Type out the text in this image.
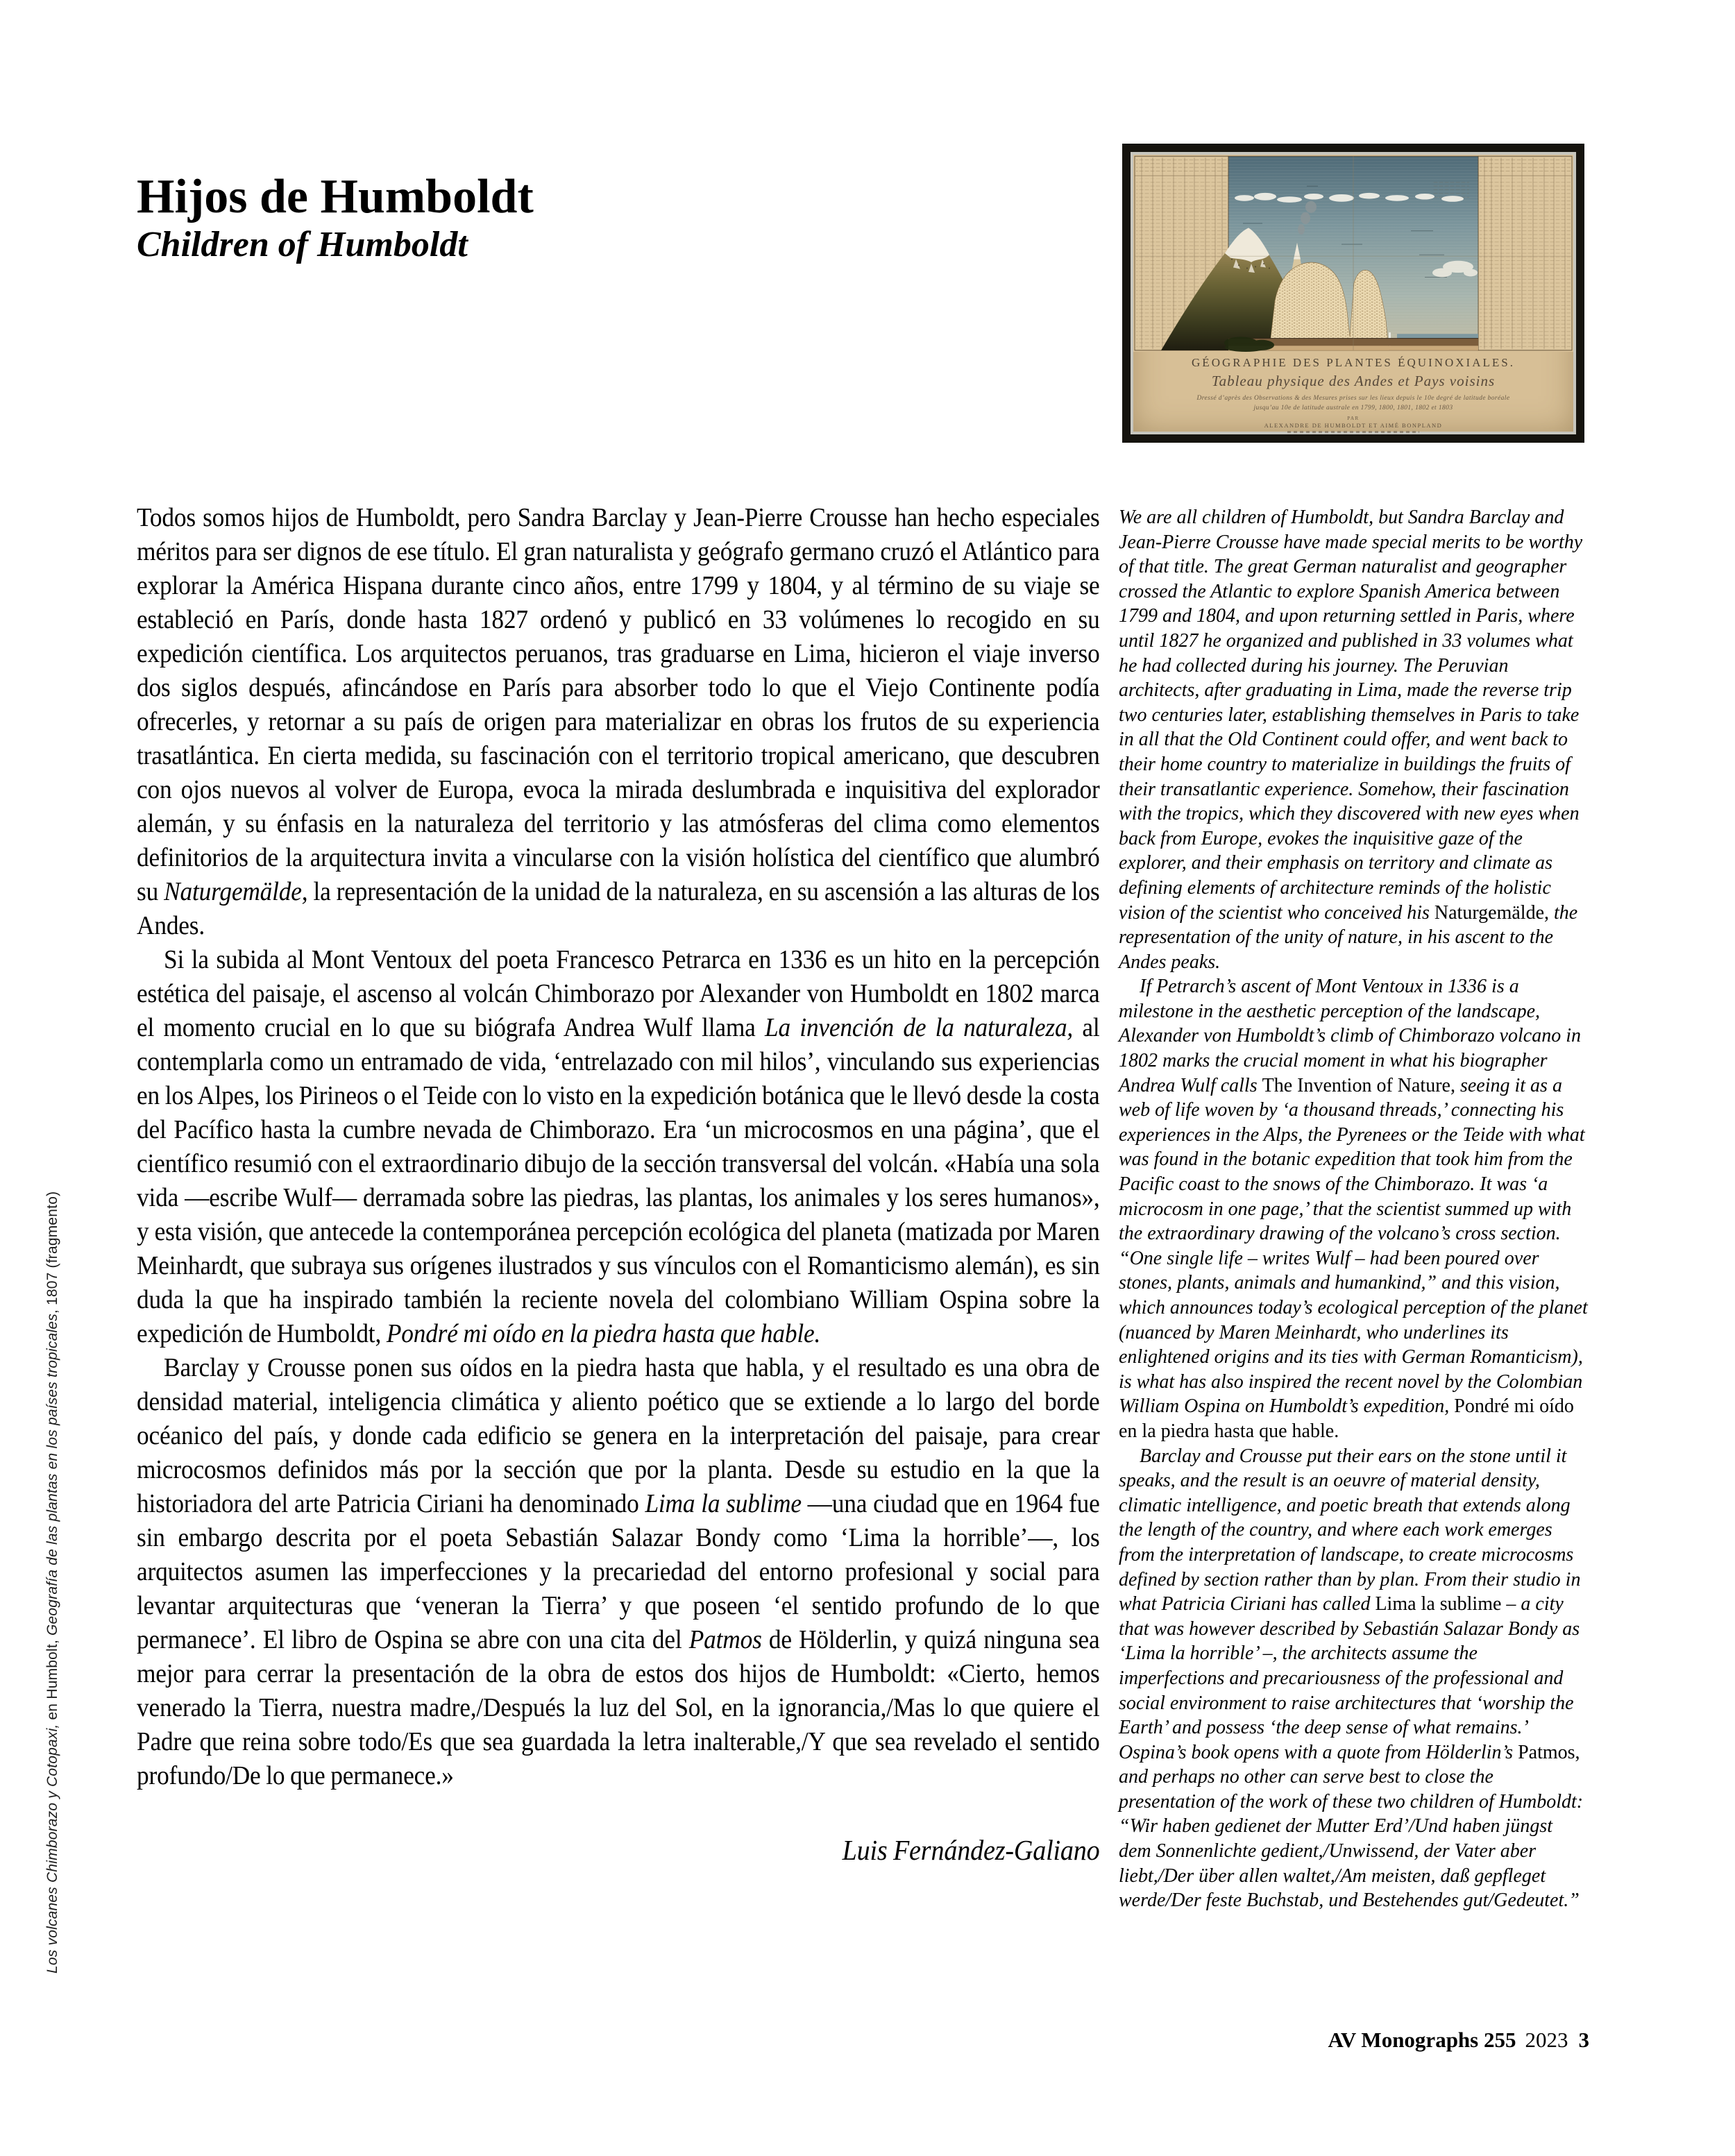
Hijos de Humboldt
Children of Humboldt
GÉOGRAPHIE DES PLANTES ÉQUINOXIALES.
Tableau physique des Andes et Pays voisins
Dressé d’après des Observations & des Mesures prises sur les lieux depuis le 10e degré de latitude boréale
jusqu’au 10e de latitude australe en 1799, 1800, 1801, 1802 et 1803
PAR
ALEXANDRE DE HUMBOLDT ET AIMÉ BONPLAND
Los volcanes Chimborazo y Cotopaxi, en Humbolt, Geografía de las plantas en los países tropicales, 1807 (fragmento)

Todos somos hijos de Humboldt, pero Sandra Barclay y Jean-Pierre Crousse han hecho especiales méritos para ser dignos de ese título. El gran naturalista y geógrafo germano cruzó el Atlántico para explorar la América Hispana durante cinco años, entre 1799 y 1804, y al término de su viaje se estableció en París, donde hasta 1827 ordenó y publicó en 33 volúmenes lo recogido en su expedición científica. Los arquitectos peruanos, tras graduarse en Lima, hicieron el viaje inverso dos siglos después, afincándose en París para absorber todo lo que el Viejo Continente podía ofrecerles, y retornar a su país de origen para materializar en obras los frutos de su experiencia trasatlántica. En cierta medida, su fascinación con el territorio tropical americano, que descubren con ojos nuevos al volver de Europa, evoca la mirada deslumbrada e inquisitiva del explorador alemán, y su énfasis en la naturaleza del territorio y las atmósferas del clima como elementos definitorios de la arquitectura invita a vincularse con la visión holística del científico que alumbró su Naturgemälde, la representación de la unidad de la naturaleza, en su ascensión a las alturas de los Andes.

Si la subida al Mont Ventoux del poeta Francesco Petrarca en 1336 es un hito en la percepción estética del paisaje, el ascenso al volcán Chimborazo por Alexander von Humboldt en 1802 marca el momento crucial en lo que su biógrafa Andrea Wulf llama La invención de la naturaleza, al contemplarla como un entramado de vida, ‘entrelazado con mil hilos’, vinculando sus experiencias en los Alpes, los Pirineos o el Teide con lo visto en la expedición botánica que le llevó desde la costa del Pacífico hasta la cumbre nevada de Chimborazo. Era ‘un microcosmos en una página’, que el científico resumió con el extraordinario dibujo de la sección transversal del volcán. «Había una sola vida —escribe Wulf— derramada sobre las piedras, las plantas, los animales y los seres humanos», y esta visión, que antecede la contemporánea percepción ecológica del planeta (matizada por Maren Meinhardt, que subraya sus orígenes ilustrados y sus vínculos con el Romanticismo alemán), es sin duda la que ha inspirado también la reciente novela del colombiano William Ospina sobre la expedición de Humboldt, Pondré mi oído en la piedra hasta que hable.

Barclay y Crousse ponen sus oídos en la piedra hasta que habla, y el resultado es una obra de densidad material, inteligencia climática y aliento poético que se extiende a lo largo del borde océanico del país, y donde cada edificio se genera en la interpretación del paisaje, para crear microcosmos definidos más por la sección que por la planta. Desde su estudio en la que la historiadora del arte Patricia Ciriani ha denominado Lima la sublime —una ciudad que en 1964 fue sin embargo descrita por el poeta Sebastián Salazar Bondy como ‘Lima la horrible’—, los arquitectos asumen las imperfecciones y la precariedad del entorno profesional y social para levantar arquitecturas que ‘veneran la Tierra’ y que poseen ‘el sentido profundo de lo que permanece’. El libro de Ospina se abre con una cita del Patmos de Hölderlin, y quizá ninguna sea mejor para cerrar la presentación de la obra de estos dos hijos de Humboldt: «Cierto, hemos venerado la Tierra, nuestra madre,/Después la luz del Sol, en la ignorancia,/Mas lo que quiere el Padre que reina sobre todo/Es que sea guardada la letra inalterable,/Y que sea revelado el sentido profundo/De lo que permanece.»

Luis Fernández-Galiano

We are all children of Humboldt, but Sandra Barclay and Jean-Pierre Crousse have made special merits to be worthy of that title. The great German naturalist and geographer crossed the Atlantic to explore Spanish America between 1799 and 1804, and upon returning settled in Paris, where until 1827 he organized and published in 33 volumes what he had collected during his journey. The Peruvian architects, after graduating in Lima, made the reverse trip two centuries later, establishing themselves in Paris to take in all that the Old Continent could offer, and went back to their home country to materialize in buildings the fruits of their transatlantic experience. Somehow, their fascination with the tropics, which they discovered with new eyes when back from Europe, evokes the inquisitive gaze of the explorer, and their emphasis on territory and climate as defining elements of architecture reminds of the holistic vision of the scientist who conceived his Naturgemälde, the representation of the unity of nature, in his ascent to the Andes peaks.

If Petrarch’s ascent of Mont Ventoux in 1336 is a milestone in the aesthetic perception of the landscape, Alexander von Humboldt’s climb of Chimborazo volcano in 1802 marks the crucial moment in what his biographer Andrea Wulf calls The Invention of Nature, seeing it as a web of life woven by ‘a thousand threads,’ connecting his experiences in the Alps, the Pyrenees or the Teide with what was found in the botanic expedition that took him from the Pacific coast to the snows of the Chimborazo. It was ‘a microcosm in one page,’ that the scientist summed up with the extraordinary drawing of the volcano’s cross section. “One single life – writes Wulf – had been poured over stones, plants, animals and humankind,” and this vision, which announces today’s ecological perception of the planet (nuanced by Maren Meinhardt, who underlines its enlightened origins and its ties with German Romanticism), is what has also inspired the recent novel by the Colombian William Ospina on Humboldt’s expedition, Pondré mi oído en la piedra hasta que hable.

Barclay and Crousse put their ears on the stone until it speaks, and the result is an oeuvre of material density, climatic intelligence, and poetic breath that extends along the length of the country, and where each work emerges from the interpretation of landscape, to create microcosms defined by section rather than by plan. From their studio in what Patricia Ciriani has called Lima la sublime – a city that was however described by Sebastián Salazar Bondy as ‘Lima la horrible’ –, the architects assume the imperfections and precariousness of the professional and social environment to raise architectures that ‘worship the Earth’ and possess ‘the deep sense of what remains.’ Ospina’s book opens with a quote from Hölderlin’s Patmos, and perhaps no other can serve best to close the presentation of the work of these two children of Humboldt: “Wir haben gedienet der Mutter Erd’/Und haben jüngst dem Sonnenlichte gedient,/Unwissend, der Vater aber liebt,/Der über allen waltet,/Am meisten, daß gepfleget werde/Der feste Buchstab, und Bestehendes gut/Gedeutet.”

AV Monographs 255 2023 3
